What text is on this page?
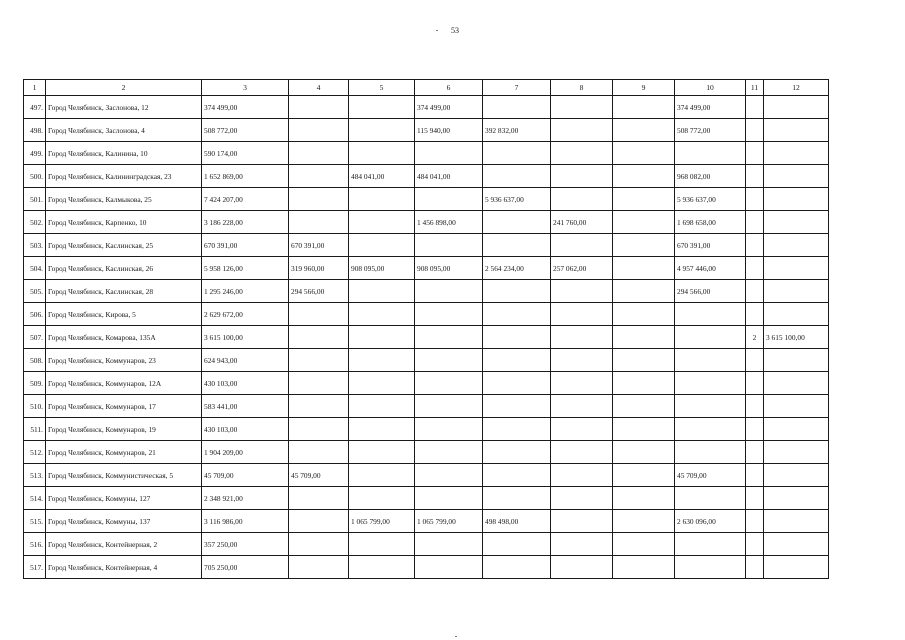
53
1	2	3	4	5	6	7	8	9	10	11	12
497.	Город Челябинск, Заслонова, 12	374 499,00			374 499,00				374 499,00		
498.	Город Челябинск, Заслонова, 4	508 772,00			115 940,00	392 832,00			508 772,00		
499.	Город Челябинск, Калинина, 10	590 174,00									
500.	Город Челябинск, Калининградская, 23	1 652 869,00		484 041,00	484 041,00				968 082,00		
501.	Город Челябинск, Калмыкова, 25	7 424 207,00				5 936 637,00			5 936 637,00		
502.	Город Челябинск, Карпенко, 10	3 186 228,00			1 456 898,00		241 760,00		1 698 658,00		
503.	Город Челябинск, Каслинская, 25	670 391,00	670 391,00						670 391,00		
504.	Город Челябинск, Каслинская, 26	5 958 126,00	319 960,00	908 095,00	908 095,00	2 564 234,00	257 062,00		4 957 446,00		
505.	Город Челябинск, Каслинская, 28	1 295 246,00	294 566,00						294 566,00		
506.	Город Челябинск, Кирова, 5	2 629 672,00									
507.	Город Челябинск, Комарова, 135А	3 615 100,00								2	3 615 100,00
508.	Город Челябинск, Коммунаров, 23	624 943,00									
509.	Город Челябинск, Коммунаров, 12А	430 103,00									
510.	Город Челябинск, Коммунаров, 17	583 441,00									
511.	Город Челябинск, Коммунаров, 19	430 103,00									
512.	Город Челябинск, Коммунаров, 21	1 904 209,00									
513.	Город Челябинск, Коммунистическая, 5	45 709,00	45 709,00						45 709,00		
514.	Город Челябинск, Коммуны, 127	2 348 921,00									
515.	Город Челябинск, Коммуны, 137	3 116 986,00		1 065 799,00	1 065 799,00	498 498,00			2 630 096,00		
516.	Город Челябинск, Контейнерная, 2	357 250,00									
517.	Город Челябинск, Контейнерная, 4	705 250,00									
